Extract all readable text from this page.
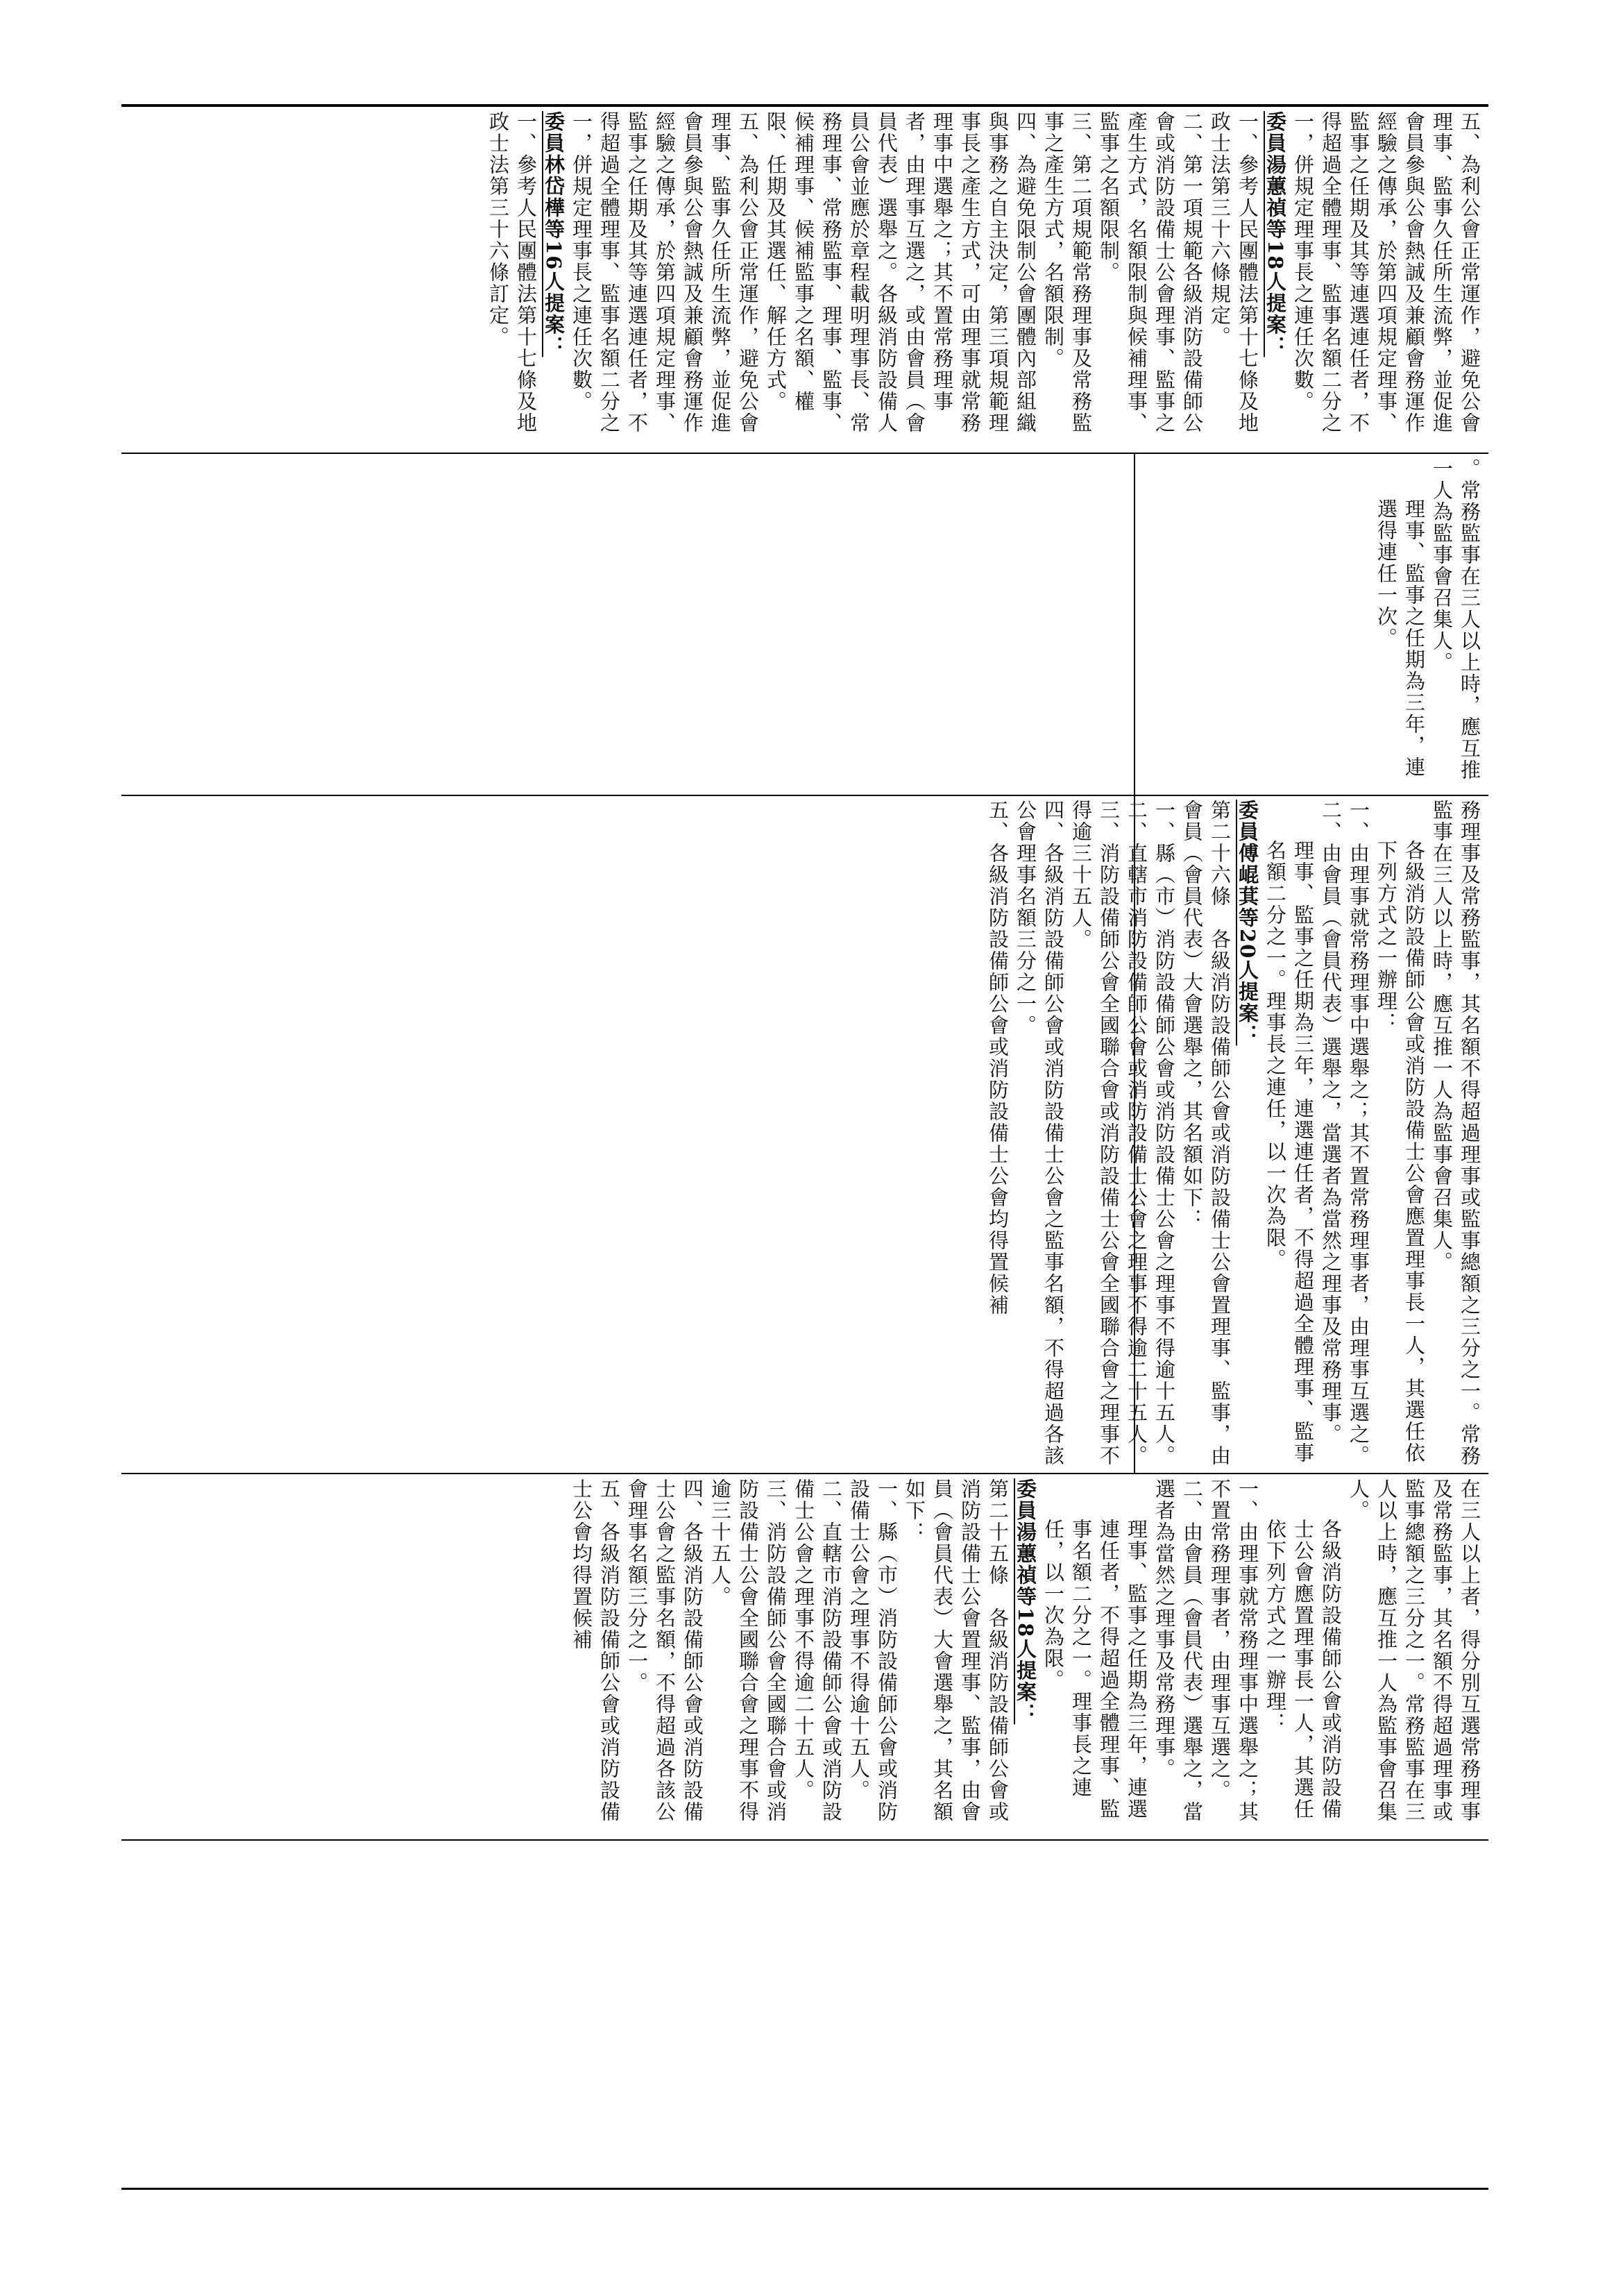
五、為利公會正常運作，避免公會理事、監事久任所生流弊，並促進會員參與公會熱誠及兼顧會務運作經驗之傳承，於第四項規定理事、監事之任期及其等連選連任者，不得超過全體理事、監事名額二分之一，併規定理事長之連任次數。

委員湯蕙禎等18人提案：

一、參考人民團體法第十七條及地政士法第三十六條規定。

二、第一項規範各級消防設備師公會或消防設備士公會理事、監事之產生方式，名額限制與候補理事、監事之名額限制。

三、第二項規範常務理事及常務監事之產生方式，名額限制。

四、為避免限制公會團體內部組織與事務之自主決定，第三項規範理事長之產生方式，可由理事就常務理事中選舉之；其不置常務理事者，由理事互選之，或由會員（會員代表）選舉之。各級消防設備人員公會並應於章程載明理事長、常務理事、常務監事、理事、監事、候補理事、候補監事之名額、權限、任期及其選任、解任方式。

五、為利公會正常運作，避免公會理事、監事久任所生流弊，並促進會員參與公會熱誠及兼顧會務運作經驗之傳承，於第四項規定理事、監事之任期及其等連選連任者，不得超過全體理事、監事名額二分之一，併規定理事長之連任次數。

委員林岱樺等16人提案：

一、參考人民團體法第十七條及地政士法第三十六條訂定。

。常務監事在三人以上時，應互推一人為監事會召集人。

理事、監事之任期為三年，連選得連任一次。

務理事及常務監事，其名額不得超過理事或監事總額之三分之一。常務監事在三人以上時，應互推一人為監事會召集人。

各級消防設備師公會或消防設備士公會應置理事長一人，其選任依下列方式之一辦理：

一、由理事就常務理事中選舉之；其不置常務理事者，由理事互選之。

二、由會員（會員代表）選舉之，當選者為當然之理事及常務理事。

理事、監事之任期為三年，連選連任者，不得超過全體理事、監事名額二分之一。理事長之連任，以一次為限。

委員傅崐萁等20人提案：

第二十六條　各級消防設備師公會或消防設備士公會置理事、監事，由會員（會員代表）大會選舉之，其名額如下：

一、縣（市）消防設備師公會或消防設備士公會之理事不得逾十五人。

二、直轄市消防設備師公會或消防設備士公會之理事不得逾二十五人。

三、消防設備師公會全國聯合會或消防設備士公會全國聯合會之理事不得逾三十五人。

四、各級消防設備師公會或消防設備士公會之監事名額，不得超過各該公會理事名額三分之一。

五、各級消防設備師公會或消防設備士公會均得置候補

在三人以上者，得分別互選常務理事及常務監事，其名額不得超過理事或監事總額之三分之一。常務監事在三人以上時，應互推一人為監事會召集人。

各級消防設備師公會或消防設備士公會應置理事長一人，其選任依下列方式之一辦理：

一、由理事就常務理事中選舉之；其不置常務理事者，由理事互選之。

二、由會員（會員代表）選舉之，當選者為當然之理事及常務理事。

理事、監事之任期為三年，連選連任者，不得超過全體理事、監事名額二分之一。理事長之連任，以一次為限。

委員湯蕙禎等18人提案：

第二十五條　各級消防設備師公會或消防設備士公會置理事、監事，由會員（會員代表）大會選舉之，其名額如下：

一、縣（市）消防設備師公會或消防設備士公會之理事不得逾十五人。

二、直轄市消防設備師公會或消防設備士公會之理事不得逾二十五人。

三、消防設備師公會全國聯合會或消防設備士公會全國聯合會之理事不得逾三十五人。

四、各級消防設備師公會或消防設備士公會之監事名額，不得超過各該公會理事名額三分之一。

五、各級消防設備師公會或消防設備士公會均得置候補
